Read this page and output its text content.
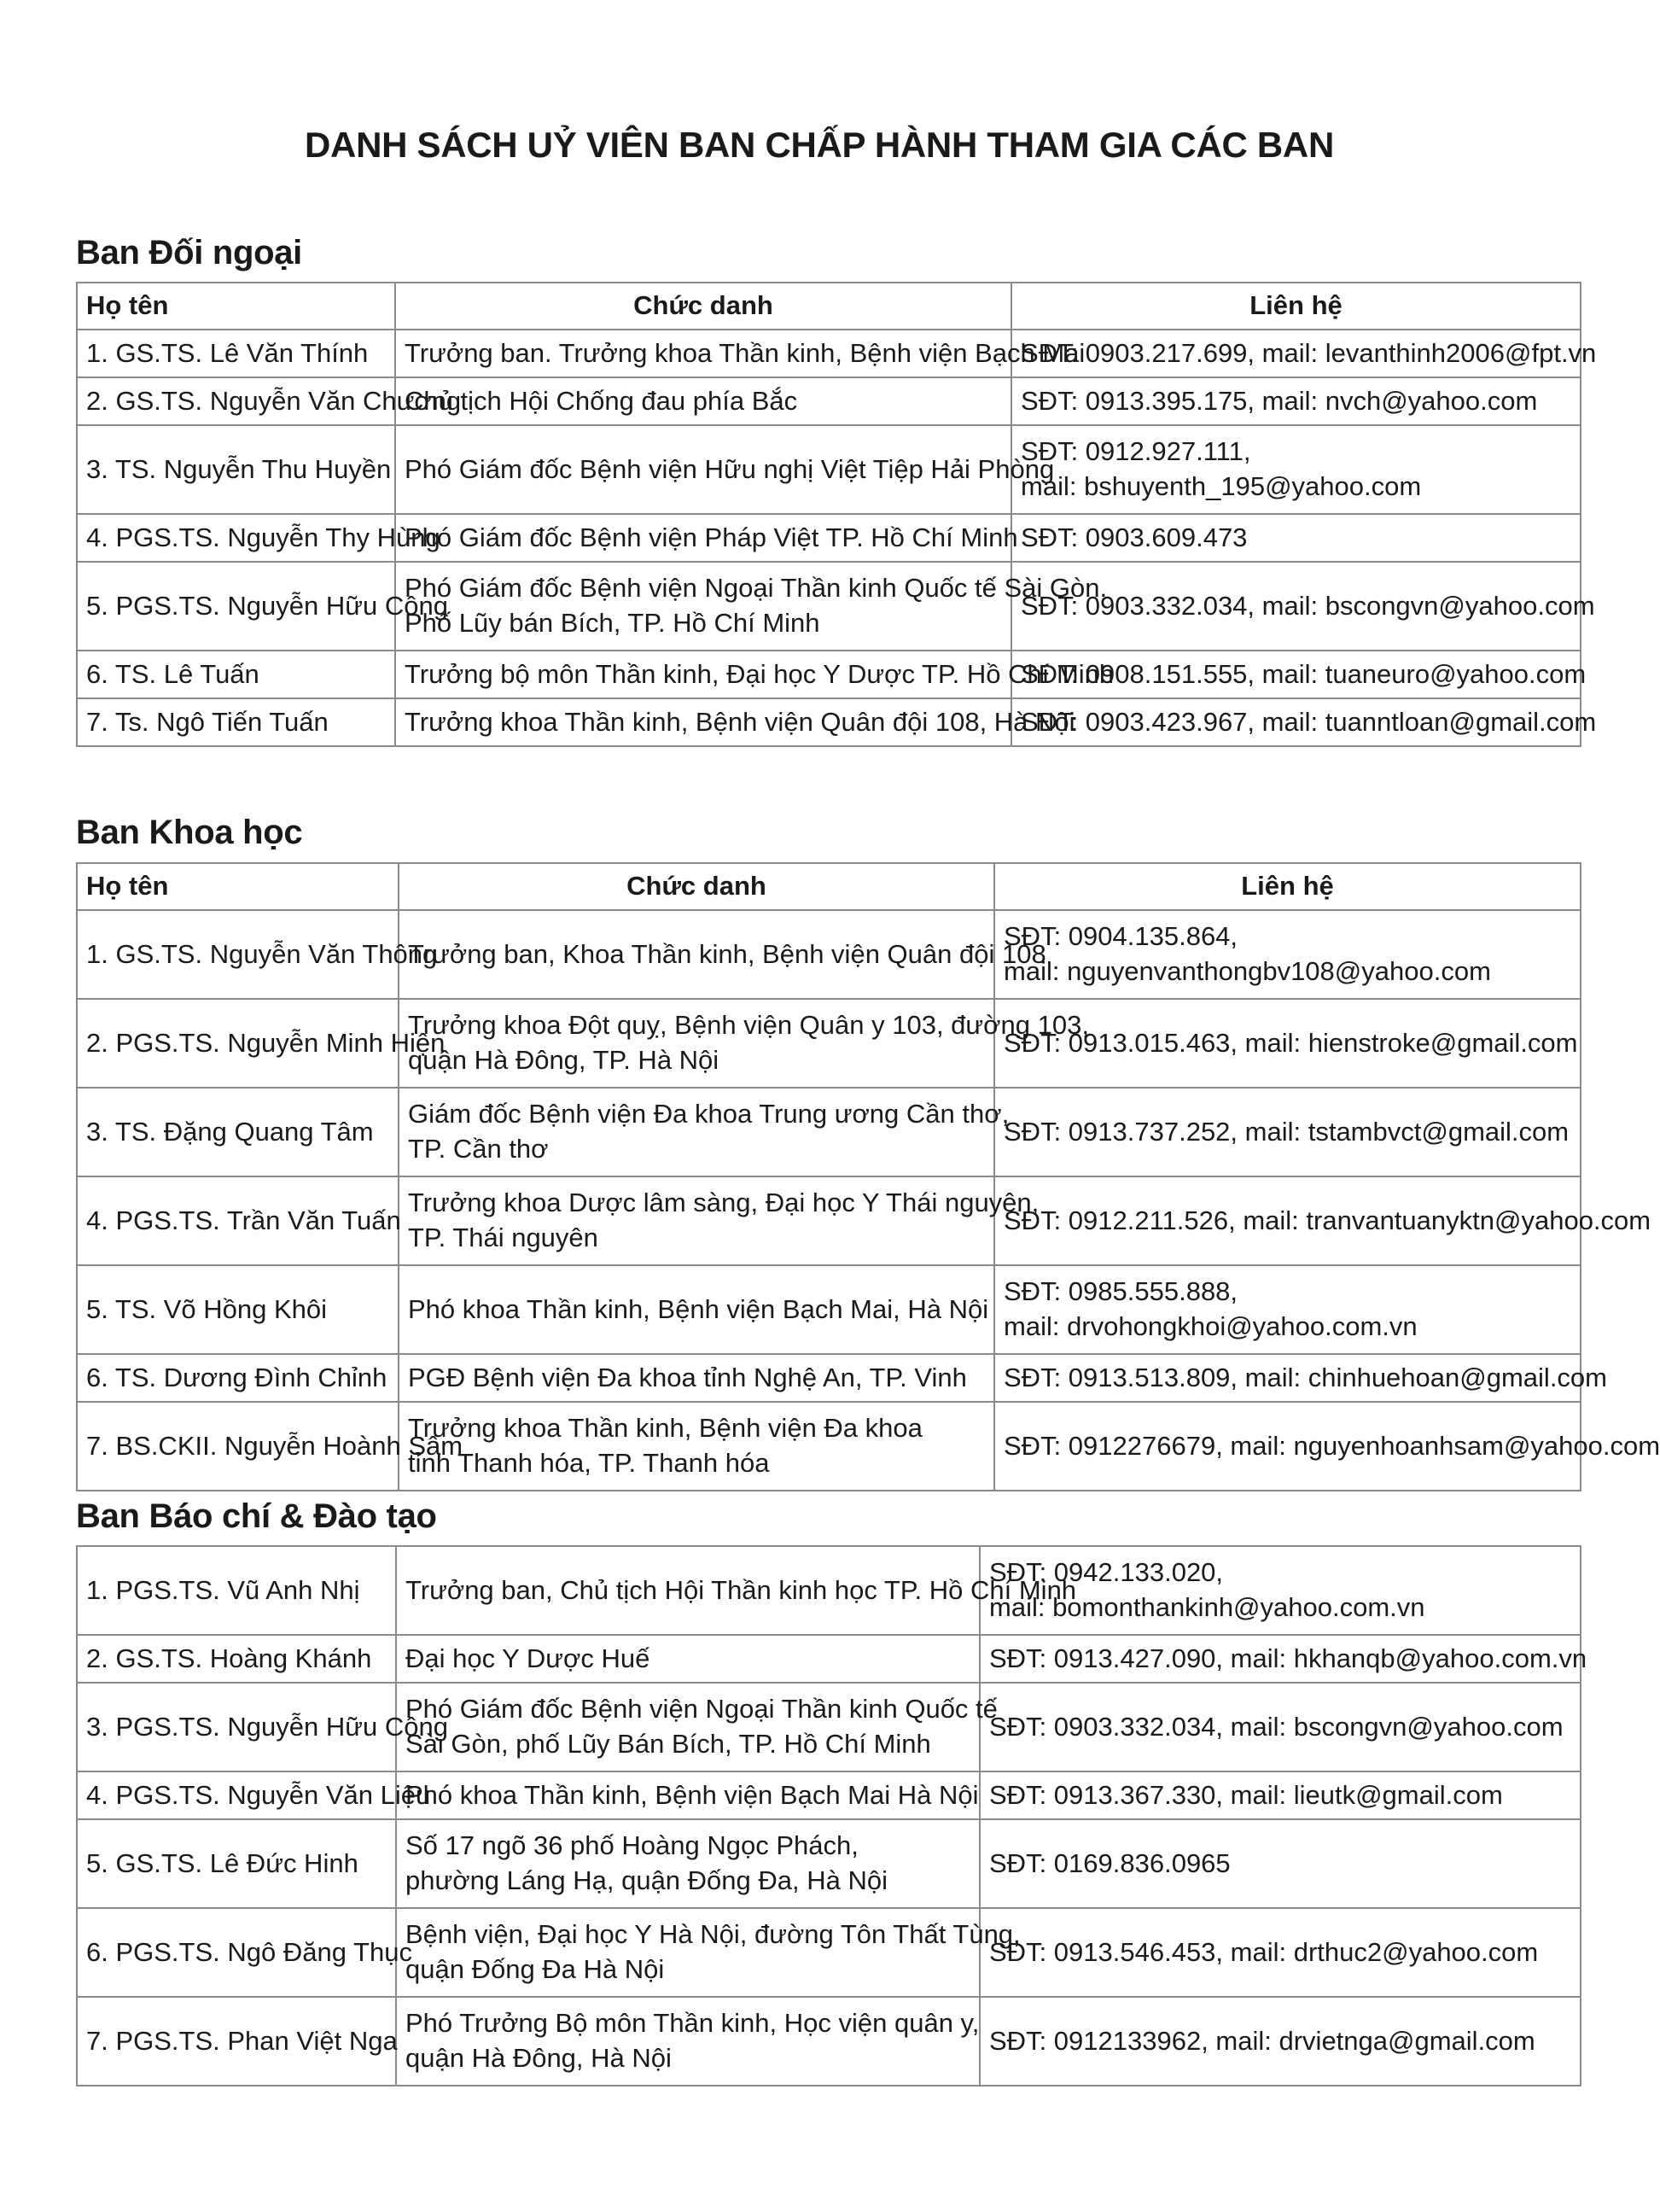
DANH SÁCH UỶ VIÊN BAN CHẤP HÀNH THAM GIA CÁC BAN
Ban Đối ngoại
Họ tên	Chức danh	Liên hệ

1. GS.TS. Lê Văn Thính	Trưởng ban. Trưởng khoa Thần kinh, Bệnh viện Bạch Mai	SĐT: 0903.217.699, mail: levanthinh2006@fpt.vn

2. GS.TS. Nguyễn Văn Chương	Chủ tịch Hội Chống đau phía Bắc	SĐT: 0913.395.175, mail: nvch@yahoo.com

3. TS. Nguyễn Thu Huyền	Phó Giám đốc Bệnh viện Hữu nghị Việt Tiệp Hải Phòng	SĐT: 0912.927.111,
mail: bshuyenth_195@yahoo.com

4. PGS.TS. Nguyễn Thy Hùng	Phó Giám đốc Bệnh viện Pháp Việt TP. Hồ Chí Minh	SĐT: 0903.609.473

5. PGS.TS. Nguyễn Hữu Công	Phó Giám đốc Bệnh viện Ngoại Thần kinh Quốc tế Sài Gòn.
Phố Lũy bán Bích, TP. Hồ Chí Minh	SĐT: 0903.332.034, mail: bscongvn@yahoo.com

6. TS. Lê Tuấn	Trưởng bộ môn Thần kinh, Đại học Y Dược TP. Hồ Chí Minh	SĐT: 0908.151.555, mail: tuaneuro@yahoo.com

7. Ts. Ngô Tiến Tuấn	Trưởng khoa Thần kinh, Bệnh viện Quân đội 108, Hà Nội	SĐT: 0903.423.967, mail: tuanntloan@gmail.com
Ban Khoa học
Họ tên	Chức danh	Liên hệ

1. GS.TS. Nguyễn Văn Thông	Trưởng ban, Khoa Thần kinh, Bệnh viện Quân đội 108	SĐT: 0904.135.864,
mail: nguyenvanthongbv108@yahoo.com

2. PGS.TS. Nguyễn Minh Hiện	Trưởng khoa Đột quỵ, Bệnh viện Quân y 103, đường 103,
quận Hà Đông, TP. Hà Nội	SĐT: 0913.015.463, mail: hienstroke@gmail.com

3. TS. Đặng Quang Tâm	Giám đốc Bệnh viện Đa khoa Trung ương Cần thơ,
TP. Cần thơ	SĐT: 0913.737.252, mail: tstambvct@gmail.com

4. PGS.TS. Trần Văn Tuấn	Trưởng khoa Dược lâm sàng, Đại học Y Thái nguyên,
TP. Thái nguyên	SĐT: 0912.211.526, mail: tranvantuanyktn@yahoo.com

5. TS. Võ Hồng Khôi	Phó khoa Thần kinh, Bệnh viện Bạch Mai, Hà Nội	SĐT: 0985.555.888,
mail: drvohongkhoi@yahoo.com.vn

6. TS. Dương Đình Chỉnh	PGĐ Bệnh viện Đa khoa tỉnh Nghệ An, TP. Vinh	SĐT: 0913.513.809, mail: chinhuehoan@gmail.com

7. BS.CKII. Nguyễn Hoành Sâm	Trưởng khoa Thần kinh, Bệnh viện Đa khoa
tỉnh Thanh hóa, TP. Thanh hóa	SĐT: 0912276679, mail: nguyenhoanhsam@yahoo.com
Ban Báo chí & Đào tạo
1. PGS.TS. Vũ Anh Nhị	Trưởng ban, Chủ tịch Hội Thần kinh học TP. Hồ Chí Minh	SĐT: 0942.133.020,
mail: bomonthankinh@yahoo.com.vn

2. GS.TS. Hoàng Khánh	Đại học Y Dược Huế	SĐT: 0913.427.090, mail: hkhanqb@yahoo.com.vn

3. PGS.TS. Nguyễn Hữu Công	Phó Giám đốc Bệnh viện Ngoại Thần kinh Quốc tế
Sài Gòn, phố Lũy Bán Bích, TP. Hồ Chí Minh	SĐT: 0903.332.034, mail: bscongvn@yahoo.com

4. PGS.TS. Nguyễn Văn Liệu	Phó khoa Thần kinh, Bệnh viện Bạch Mai Hà Nội	SĐT: 0913.367.330, mail: lieutk@gmail.com

5. GS.TS. Lê Đức Hinh	Số 17 ngõ 36 phố Hoàng Ngọc Phách,
phường Láng Hạ, quận Đống Đa, Hà Nội	SĐT: 0169.836.0965

6. PGS.TS. Ngô Đăng Thục	Bệnh viện, Đại học Y Hà Nội, đường Tôn Thất Tùng,
quận Đống Đa Hà Nội	SĐT: 0913.546.453, mail: drthuc2@yahoo.com

7. PGS.TS. Phan Việt Nga	Phó Trưởng Bộ môn Thần kinh, Học viện quân y,
quận Hà Đông, Hà Nội	SĐT: 0912133962, mail: drvietnga@gmail.com
